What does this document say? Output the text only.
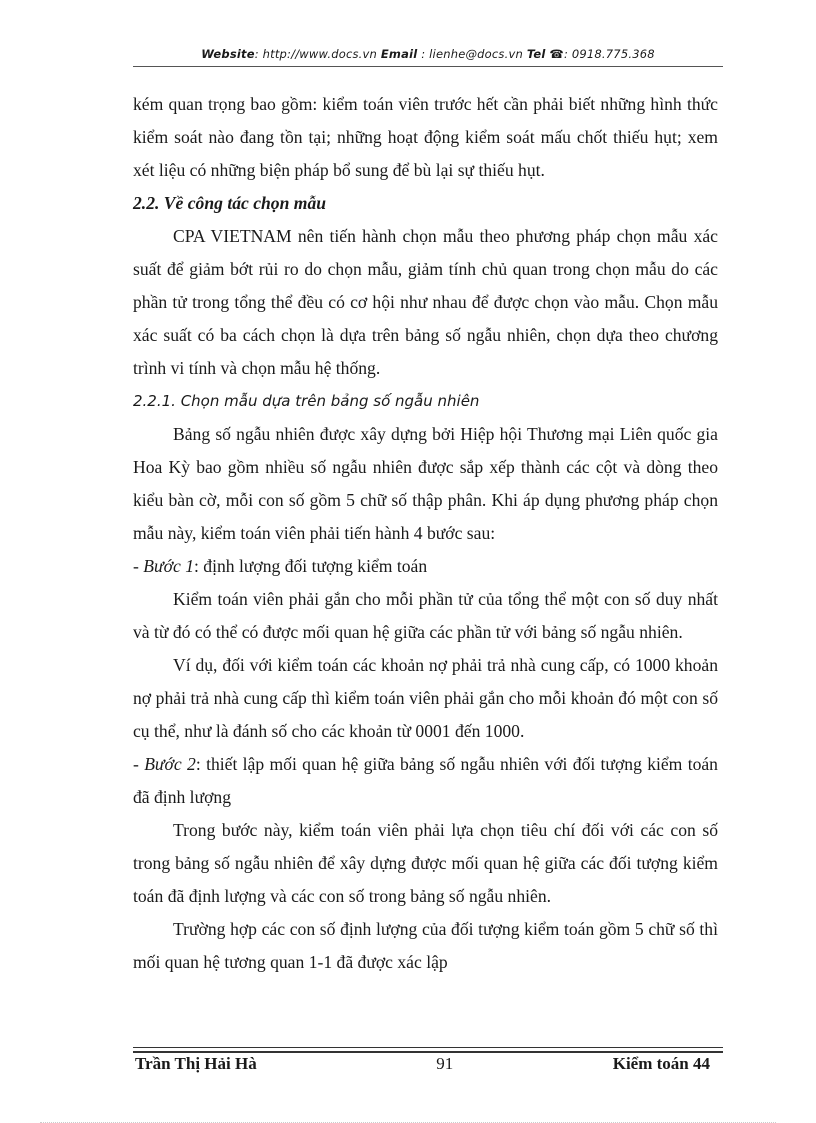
Website: http://www.docs.vn Email : lienhe@docs.vn Tel ☎: 0918.775.368

kém quan trọng bao gồm: kiểm toán viên trước hết cần phải biết những hình thức kiểm soát nào đang tồn tại; những hoạt động kiểm soát mấu chốt thiếu hụt; xem xét liệu có những biện pháp bổ sung để bù lại sự thiếu hụt.

2.2. Về công tác chọn mẫu

CPA VIETNAM nên tiến hành chọn mẫu theo phương pháp chọn mẫu xác suất để giảm bớt rủi ro do chọn mẫu, giảm tính chủ quan trong chọn mẫu do các phần tử trong tổng thể đều có cơ hội như nhau để được chọn vào mẫu. Chọn mẫu xác suất có ba cách chọn là dựa trên bảng số ngẫu nhiên, chọn dựa theo chương trình vi tính và chọn mẫu hệ thống.

2.2.1. Chọn mẫu dựa trên bảng số ngẫu nhiên

Bảng số ngẫu nhiên được xây dựng bởi Hiệp hội Thương mại Liên quốc gia Hoa Kỳ bao gồm nhiều số ngẫu nhiên được sắp xếp thành các cột và dòng theo kiểu bàn cờ, mỗi con số gồm 5 chữ số thập phân. Khi áp dụng phương pháp chọn mẫu này, kiểm toán viên phải tiến hành 4 bước sau:

- Bước 1: định lượng đối tượng kiểm toán

Kiểm toán viên phải gắn cho mỗi phần tử của tổng thể một con số duy nhất và từ đó có thể có được mối quan hệ giữa các phần tử với bảng số ngẫu nhiên.

Ví dụ, đối với kiểm toán các khoản nợ phải trả nhà cung cấp, có 1000 khoản nợ phải trả nhà cung cấp thì kiểm toán viên phải gắn cho mỗi khoản đó một con số cụ thể, như là đánh số cho các khoản từ 0001 đến 1000.

- Bước 2: thiết lập mối quan hệ giữa bảng số ngẫu nhiên với đối tượng kiểm toán đã định lượng

Trong bước này, kiểm toán viên phải lựa chọn tiêu chí đối với các con số trong bảng số ngẫu nhiên để xây dựng được mối quan hệ giữa các đối tượng kiểm toán đã định lượng và các con số trong bảng số ngẫu nhiên.

Trường hợp các con số định lượng của đối tượng kiểm toán gồm 5 chữ số thì mối quan hệ tương quan 1-1 đã được xác lập

Trần Thị Hải Hà	91	Kiểm toán 44
